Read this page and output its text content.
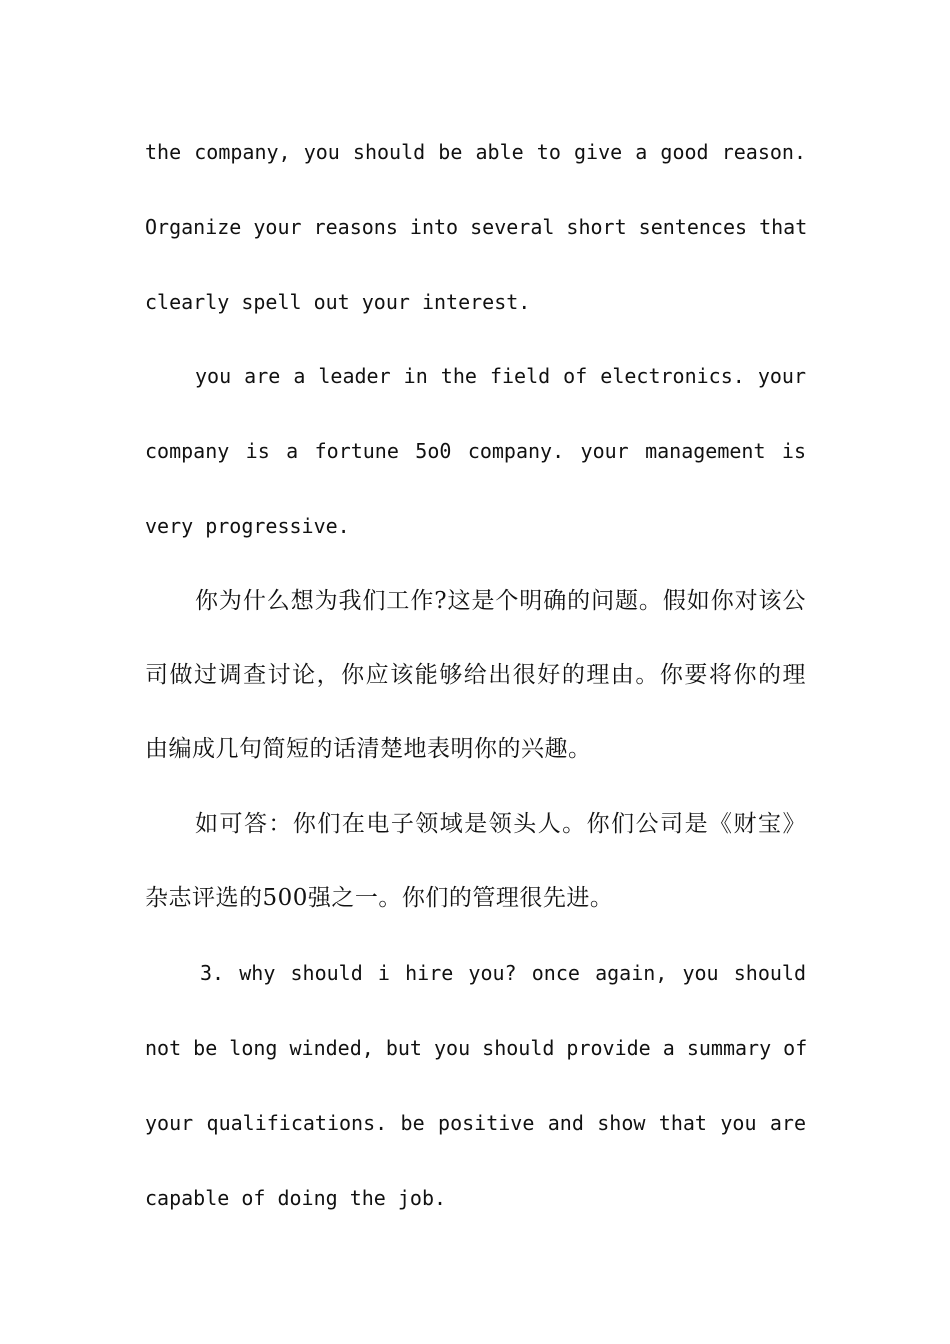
the company, you should be able to give a good reason.
Organize your reasons into several short sentences that
clearly spell out your interest.
you are a leader in the field of electronics. your
company is a fortune 5o0 company. your management is
very progressive.
你为什么想为我们工作?这是个明确的问题。假如你对该公
司做过调查讨论，你应该能够给出很好的理由。你要将你的理
由编成几句简短的话清楚地表明你的兴趣。
如可答：你们在电子领域是领头人。你们公司是《财宝》
杂志评选的500强之一。你们的管理很先进。
3. why should i hire you? once again, you should
not be long winded, but you should provide a summary of
your qualifications. be positive and show that you are
capable of doing the job.
